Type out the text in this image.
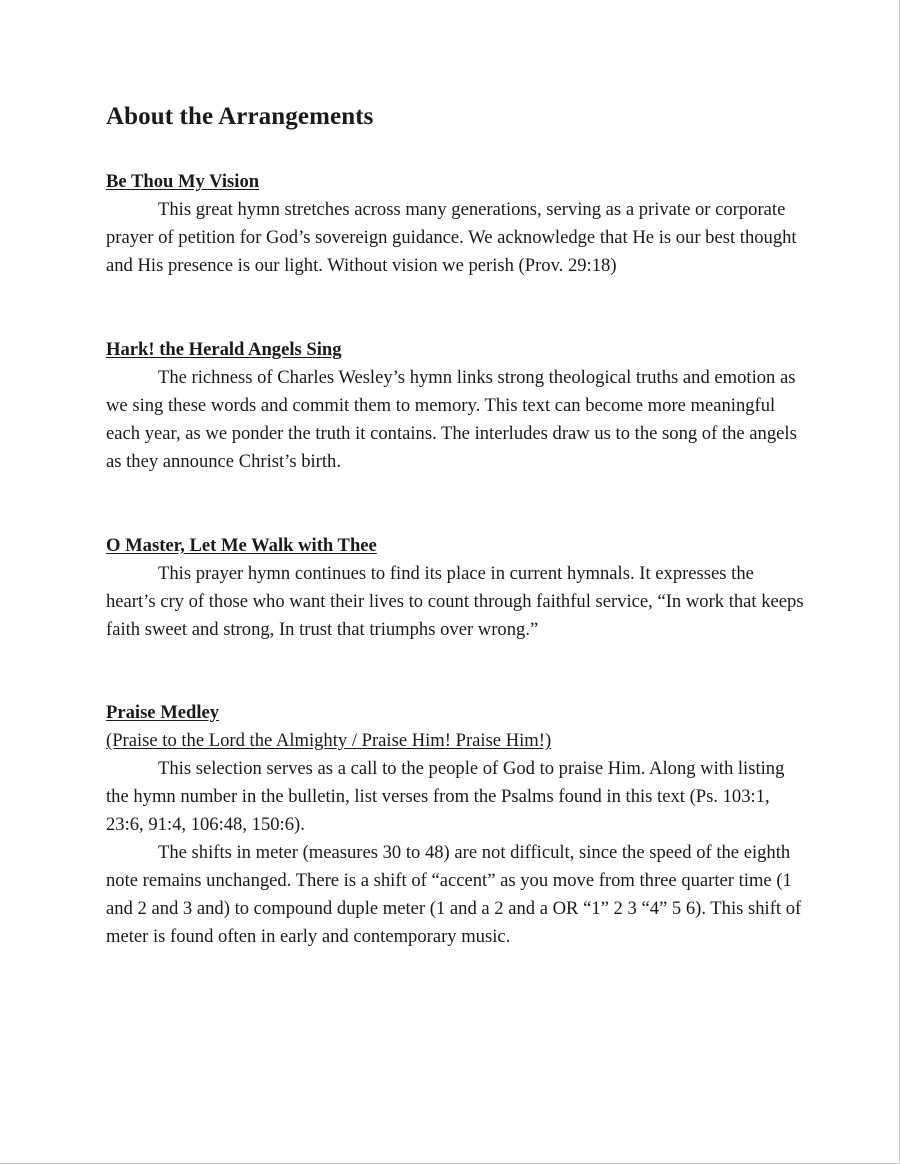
About the Arrangements
Be Thou My Vision

This great hymn stretches across many generations, serving as a private or corporate prayer of petition for God’s sovereign guidance. We acknowledge that He is our best thought and His presence is our light. Without vision we perish (Prov. 29:18)

Hark! the Herald Angels Sing

The richness of Charles Wesley’s hymn links strong theological truths and emotion as we sing these words and commit them to memory. This text can become more meaningful each year, as we ponder the truth it contains. The interludes draw us to the song of the angels as they announce Christ’s birth.

O Master, Let Me Walk with Thee

This prayer hymn continues to find its place in current hymnals. It expresses the heart’s cry of those who want their lives to count through faithful service, “In work that keeps faith sweet and strong, In trust that triumphs over wrong.”

Praise Medley
(Praise to the Lord the Almighty / Praise Him! Praise Him!)

This selection serves as a call to the people of God to praise Him. Along with listing the hymn number in the bulletin, list verses from the Psalms found in this text (Ps. 103:1, 23:6, 91:4, 106:48, 150:6).

The shifts in meter (measures 30 to 48) are not difficult, since the speed of the eighth note remains unchanged. There is a shift of “accent” as you move from three quarter time (1 and 2 and 3 and) to compound duple meter (1 and a 2 and a OR “1” 2 3 “4” 5 6). This shift of meter is found often in early and contemporary music.
